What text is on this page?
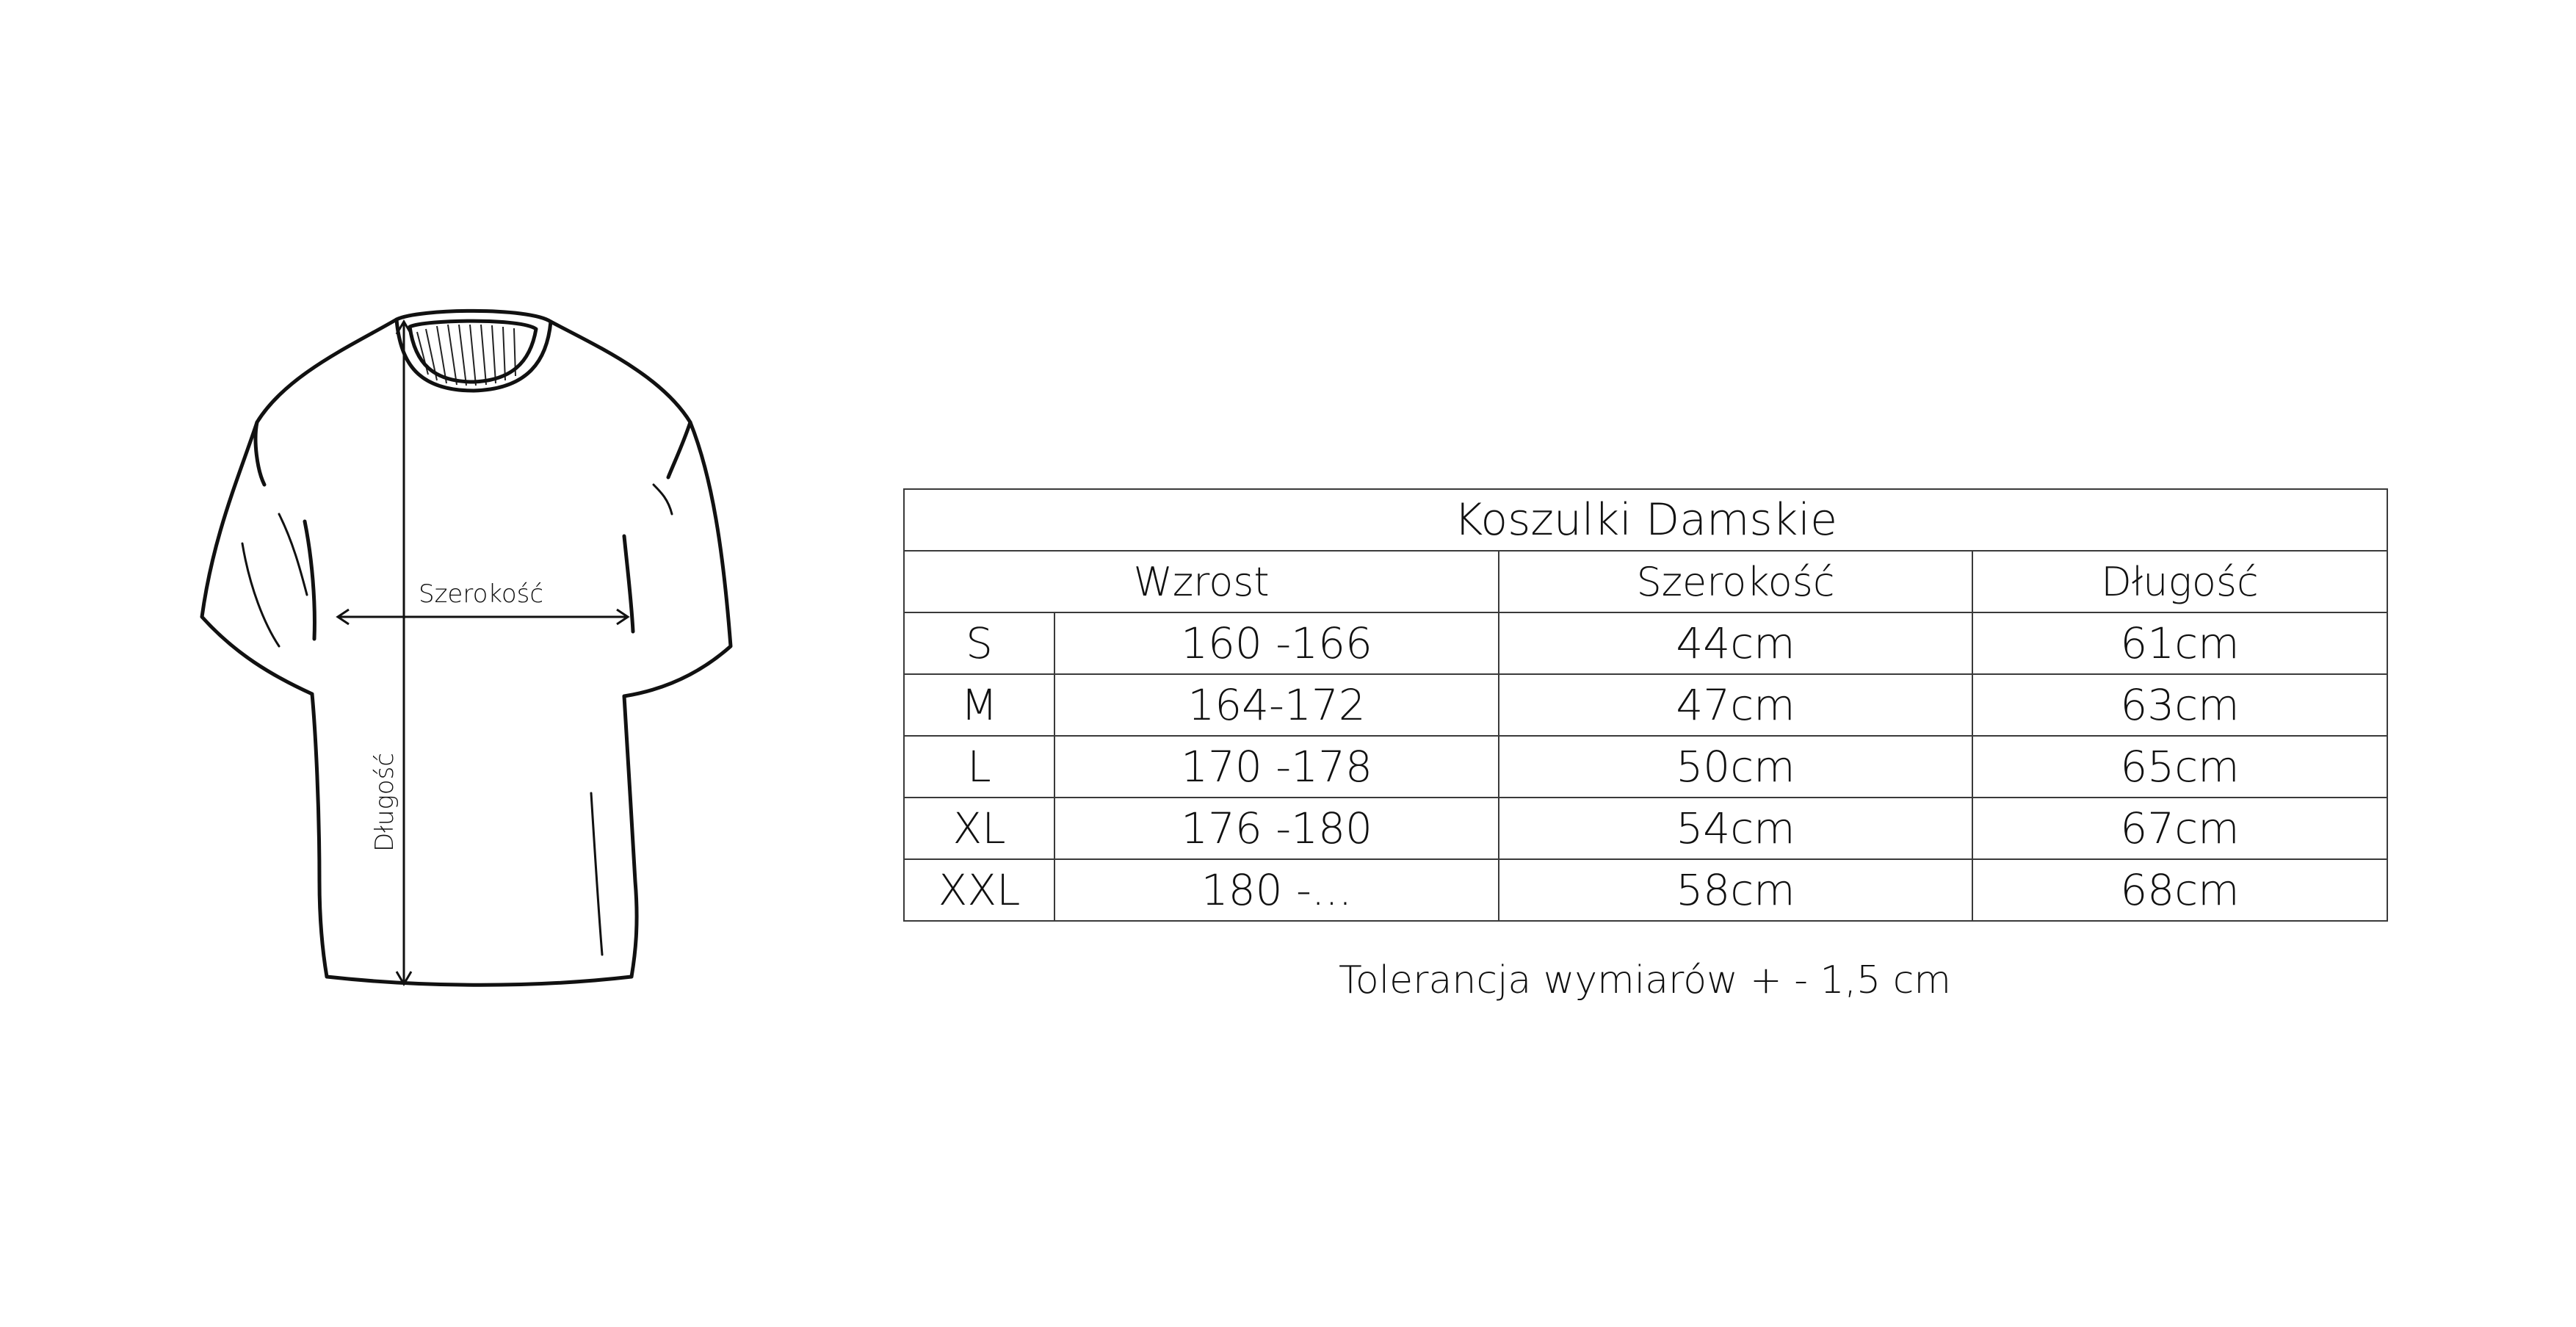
Szerokość
Długość
Koszulki Damskie			
Wzrost		Szerokość	Długość
S	160 -166	44cm	61cm
M	164-172	47cm	63cm
L	170 -178	50cm	65cm
XL	176 -180	54cm	67cm
XXL	180 -...	58cm	68cm
Tolerancja wymiarów + - 1,5 cm
